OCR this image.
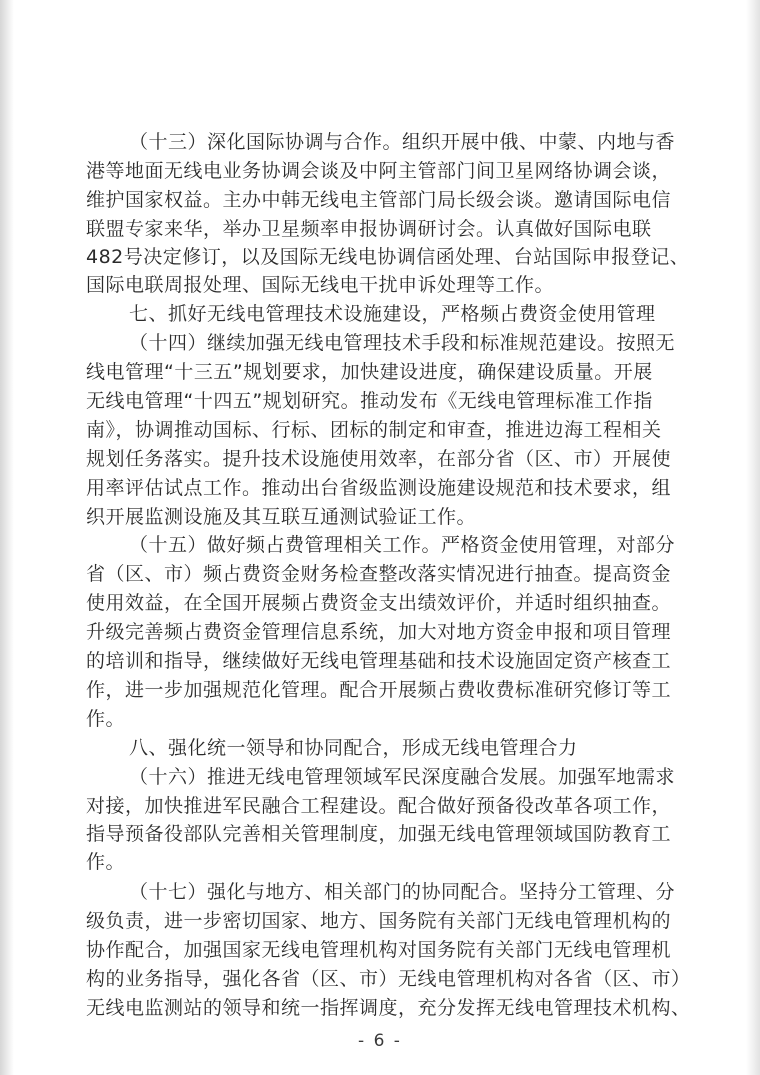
（十三）深化国际协调与合作。组织开展中俄、中蒙、内地与香
港等地面无线电业务协调会谈及中阿主管部门间卫星网络协调会谈，
维护国家权益。主办中韩无线电主管部门局长级会谈。邀请国际电信
联盟专家来华，举办卫星频率申报协调研讨会。认真做好国际电联
482号决定修订，以及国际无线电协调信函处理、台站国际申报登记、
国际电联周报处理、国际无线电干扰申诉处理等工作。
七、抓好无线电管理技术设施建设，严格频占费资金使用管理
（十四）继续加强无线电管理技术手段和标准规范建设。按照无
线电管理“十三五”规划要求，加快建设进度，确保建设质量。开展
无线电管理“十四五”规划研究。推动发布《无线电管理标准工作指
南》，协调推动国标、行标、团标的制定和审查，推进边海工程相关
规划任务落实。提升技术设施使用效率，在部分省（区、市）开展使
用率评估试点工作。推动出台省级监测设施建设规范和技术要求，组
织开展监测设施及其互联互通测试验证工作。
（十五）做好频占费管理相关工作。严格资金使用管理，对部分
省（区、市）频占费资金财务检查整改落实情况进行抽查。提高资金
使用效益，在全国开展频占费资金支出绩效评价，并适时组织抽查。
升级完善频占费资金管理信息系统，加大对地方资金申报和项目管理
的培训和指导，继续做好无线电管理基础和技术设施固定资产核查工
作，进一步加强规范化管理。配合开展频占费收费标准研究修订等工
作。
八、强化统一领导和协同配合，形成无线电管理合力
（十六）推进无线电管理领域军民深度融合发展。加强军地需求
对接，加快推进军民融合工程建设。配合做好预备役改革各项工作，
指导预备役部队完善相关管理制度，加强无线电管理领域国防教育工
作。
（十七）强化与地方、相关部门的协同配合。坚持分工管理、分
级负责，进一步密切国家、地方、国务院有关部门无线电管理机构的
协作配合，加强国家无线电管理机构对国务院有关部门无线电管理机
构的业务指导，强化各省（区、市）无线电管理机构对各省（区、市）
无线电监测站的领导和统一指挥调度，充分发挥无线电管理技术机构、
- 6 -
